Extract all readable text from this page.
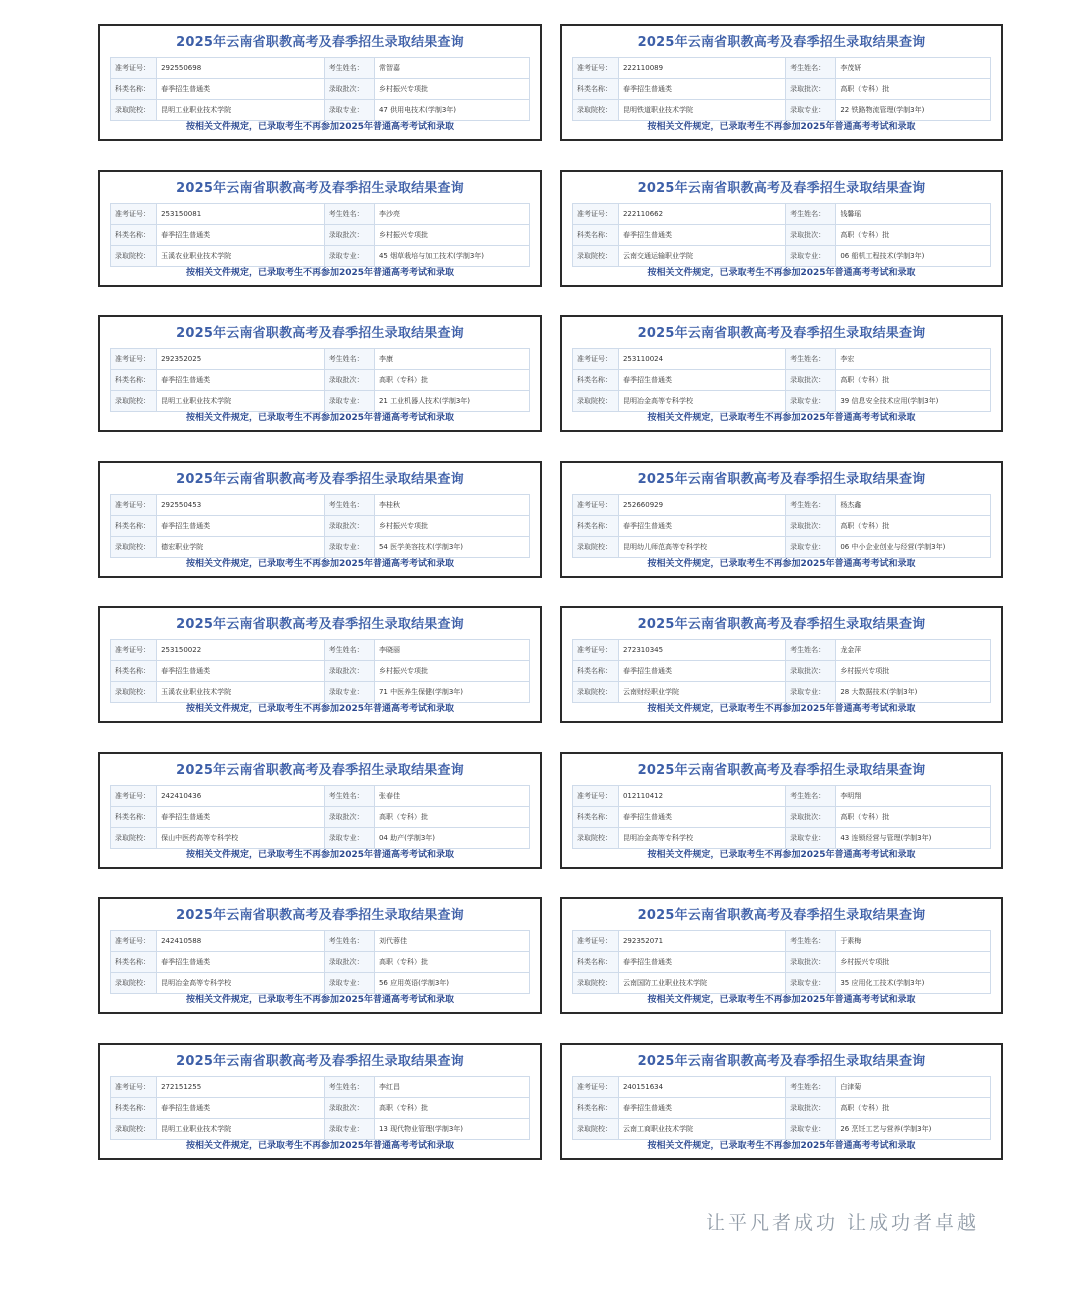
2025年云南省职教高考及春季招生录取结果查询
准考证号：	292550698	考生姓名：	常智嘉
科类名称：	春季招生普通类	录取批次：	乡村振兴专项批
录取院校：	昆明工业职业技术学院	录取专业：	47 供用电技术(学制3年)
按相关文件规定，已录取考生不再参加2025年普通高考考试和录取
2025年云南省职教高考及春季招生录取结果查询
准考证号：	222110089	考生姓名：	李茂妍
科类名称：	春季招生普通类	录取批次：	高职（专科）批
录取院校：	昆明铁道职业技术学院	录取专业：	22 铁路物流管理(学制3年)
按相关文件规定，已录取考生不再参加2025年普通高考考试和录取
2025年云南省职教高考及春季招生录取结果查询
准考证号：	253150081	考生姓名：	李沙亮
科类名称：	春季招生普通类	录取批次：	乡村振兴专项批
录取院校：	玉溪农业职业技术学院	录取专业：	45 烟草栽培与加工技术(学制3年)
按相关文件规定，已录取考生不再参加2025年普通高考考试和录取
2025年云南省职教高考及春季招生录取结果查询
准考证号：	222110662	考生姓名：	钱馨瑶
科类名称：	春季招生普通类	录取批次：	高职（专科）批
录取院校：	云南交通运输职业学院	录取专业：	06 船机工程技术(学制3年)
按相关文件规定，已录取考生不再参加2025年普通高考考试和录取
2025年云南省职教高考及春季招生录取结果查询
准考证号：	292352025	考生姓名：	李康
科类名称：	春季招生普通类	录取批次：	高职（专科）批
录取院校：	昆明工业职业技术学院	录取专业：	21 工业机器人技术(学制3年)
按相关文件规定，已录取考生不再参加2025年普通高考考试和录取
2025年云南省职教高考及春季招生录取结果查询
准考证号：	253110024	考生姓名：	李宏
科类名称：	春季招生普通类	录取批次：	高职（专科）批
录取院校：	昆明冶金高等专科学校	录取专业：	39 信息安全技术应用(学制3年)
按相关文件规定，已录取考生不再参加2025年普通高考考试和录取
2025年云南省职教高考及春季招生录取结果查询
准考证号：	292550453	考生姓名：	李桂秋
科类名称：	春季招生普通类	录取批次：	乡村振兴专项批
录取院校：	德宏职业学院	录取专业：	54 医学美容技术(学制3年)
按相关文件规定，已录取考生不再参加2025年普通高考考试和录取
2025年云南省职教高考及春季招生录取结果查询
准考证号：	252660929	考生姓名：	杨杰鑫
科类名称：	春季招生普通类	录取批次：	高职（专科）批
录取院校：	昆明幼儿师范高等专科学校	录取专业：	06 中小企业创业与经营(学制3年)
按相关文件规定，已录取考生不再参加2025年普通高考考试和录取
2025年云南省职教高考及春季招生录取结果查询
准考证号：	253150022	考生姓名：	李晓丽
科类名称：	春季招生普通类	录取批次：	乡村振兴专项批
录取院校：	玉溪农业职业技术学院	录取专业：	71 中医养生保健(学制3年)
按相关文件规定，已录取考生不再参加2025年普通高考考试和录取
2025年云南省职教高考及春季招生录取结果查询
准考证号：	272310345	考生姓名：	龙金萍
科类名称：	春季招生普通类	录取批次：	乡村振兴专项批
录取院校：	云南财经职业学院	录取专业：	28 大数据技术(学制3年)
按相关文件规定，已录取考生不再参加2025年普通高考考试和录取
2025年云南省职教高考及春季招生录取结果查询
准考证号：	242410436	考生姓名：	张春佳
科类名称：	春季招生普通类	录取批次：	高职（专科）批
录取院校：	保山中医药高等专科学校	录取专业：	04 助产(学制3年)
按相关文件规定，已录取考生不再参加2025年普通高考考试和录取
2025年云南省职教高考及春季招生录取结果查询
准考证号：	012110412	考生姓名：	李明翔
科类名称：	春季招生普通类	录取批次：	高职（专科）批
录取院校：	昆明冶金高等专科学校	录取专业：	43 连锁经营与管理(学制3年)
按相关文件规定，已录取考生不再参加2025年普通高考考试和录取
2025年云南省职教高考及春季招生录取结果查询
准考证号：	242410588	考生姓名：	刘代蓉佳
科类名称：	春季招生普通类	录取批次：	高职（专科）批
录取院校：	昆明冶金高等专科学校	录取专业：	56 应用英语(学制3年)
按相关文件规定，已录取考生不再参加2025年普通高考考试和录取
2025年云南省职教高考及春季招生录取结果查询
准考证号：	292352071	考生姓名：	于素梅
科类名称：	春季招生普通类	录取批次：	乡村振兴专项批
录取院校：	云南国防工业职业技术学院	录取专业：	35 应用化工技术(学制3年)
按相关文件规定，已录取考生不再参加2025年普通高考考试和录取
2025年云南省职教高考及春季招生录取结果查询
准考证号：	272151255	考生姓名：	李红昌
科类名称：	春季招生普通类	录取批次：	高职（专科）批
录取院校：	昆明工业职业技术学院	录取专业：	13 现代物业管理(学制3年)
按相关文件规定，已录取考生不再参加2025年普通高考考试和录取
2025年云南省职教高考及春季招生录取结果查询
准考证号：	240151634	考生姓名：	白津菊
科类名称：	春季招生普通类	录取批次：	高职（专科）批
录取院校：	云南工商职业技术学院	录取专业：	26 烹饪工艺与营养(学制3年)
按相关文件规定，已录取考生不再参加2025年普通高考考试和录取
让平凡者成功 让成功者卓越
